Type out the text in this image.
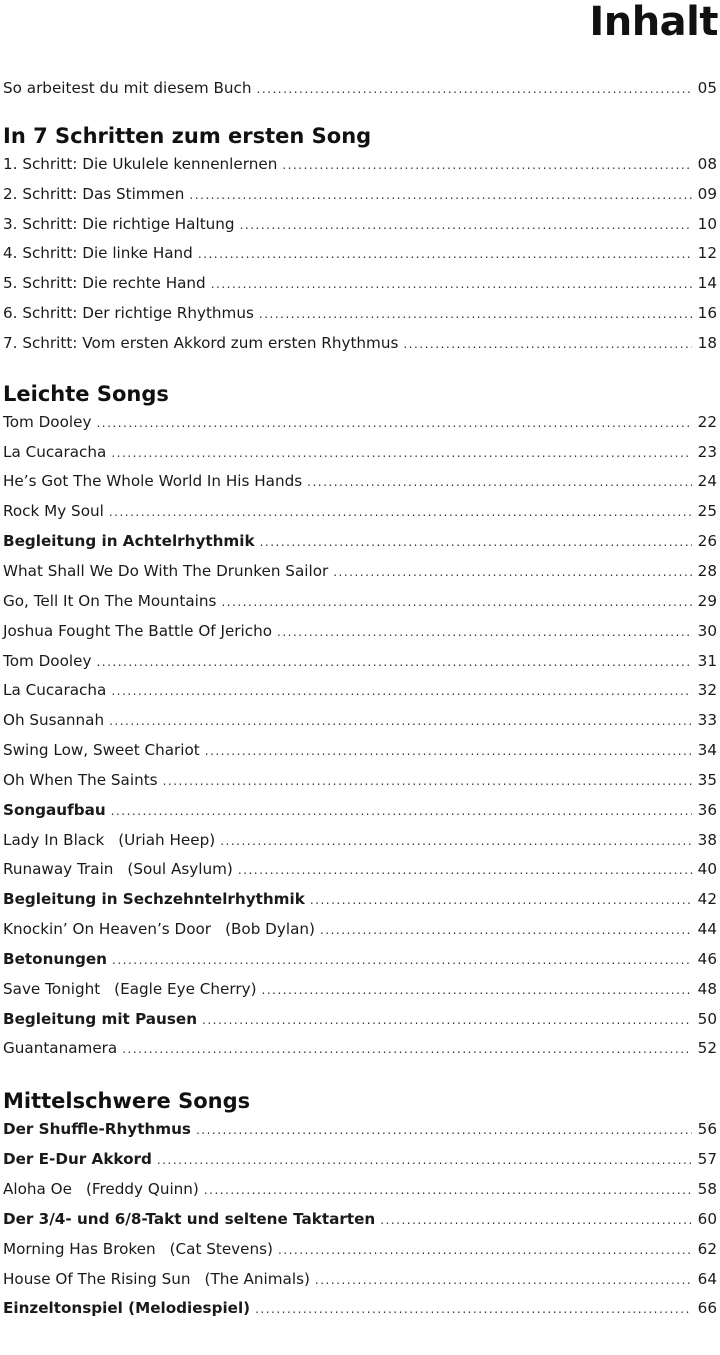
Inhalt
So arbeitest du mit diesem Buch .....	05
In 7 Schritten zum ersten Song
1. Schritt: Die Ukulele kennenlernen .....	08
2. Schritt: Das Stimmen .....	09
3. Schritt: Die richtige Haltung .....	10
4. Schritt: Die linke Hand .....	12
5. Schritt: Die rechte Hand .....	14
6. Schritt: Der richtige Rhythmus .....	16
7. Schritt: Vom ersten Akkord zum ersten Rhythmus .....	18
Leichte Songs
Tom Dooley .....	22
La Cucaracha .....	23
He’s Got The Whole World In His Hands .....	24
Rock My Soul .....	25
Begleitung in Achtelrhythmik .....	26
What Shall We Do With The Drunken Sailor .....	28
Go, Tell It On The Mountains .....	29
Joshua Fought The Battle Of Jericho .....	30
Tom Dooley .....	31
La Cucaracha .....	32
Oh Susannah .....	33
Swing Low, Sweet Chariot .....	34
Oh When The Saints .....	35
Songaufbau .....	36
Lady In Black (Uriah Heep) .....	38
Runaway Train (Soul Asylum) .....	40
Begleitung in Sechzehntelrhythmik .....	42
Knockin’ On Heaven’s Door (Bob Dylan) .....	44
Betonungen .....	46
Save Tonight (Eagle Eye Cherry) .....	48
Begleitung mit Pausen .....	50
Guantanamera .....	52
Mittelschwere Songs
Der Shuffle-Rhythmus .....	56
Der E-Dur Akkord .....	57
Aloha Oe (Freddy Quinn) .....	58
Der 3/4- und 6/8-Takt und seltene Taktarten .....	60
Morning Has Broken (Cat Stevens) .....	62
House Of The Rising Sun (The Animals) .....	64
Einzeltonspiel (Melodiespiel) .....	66
